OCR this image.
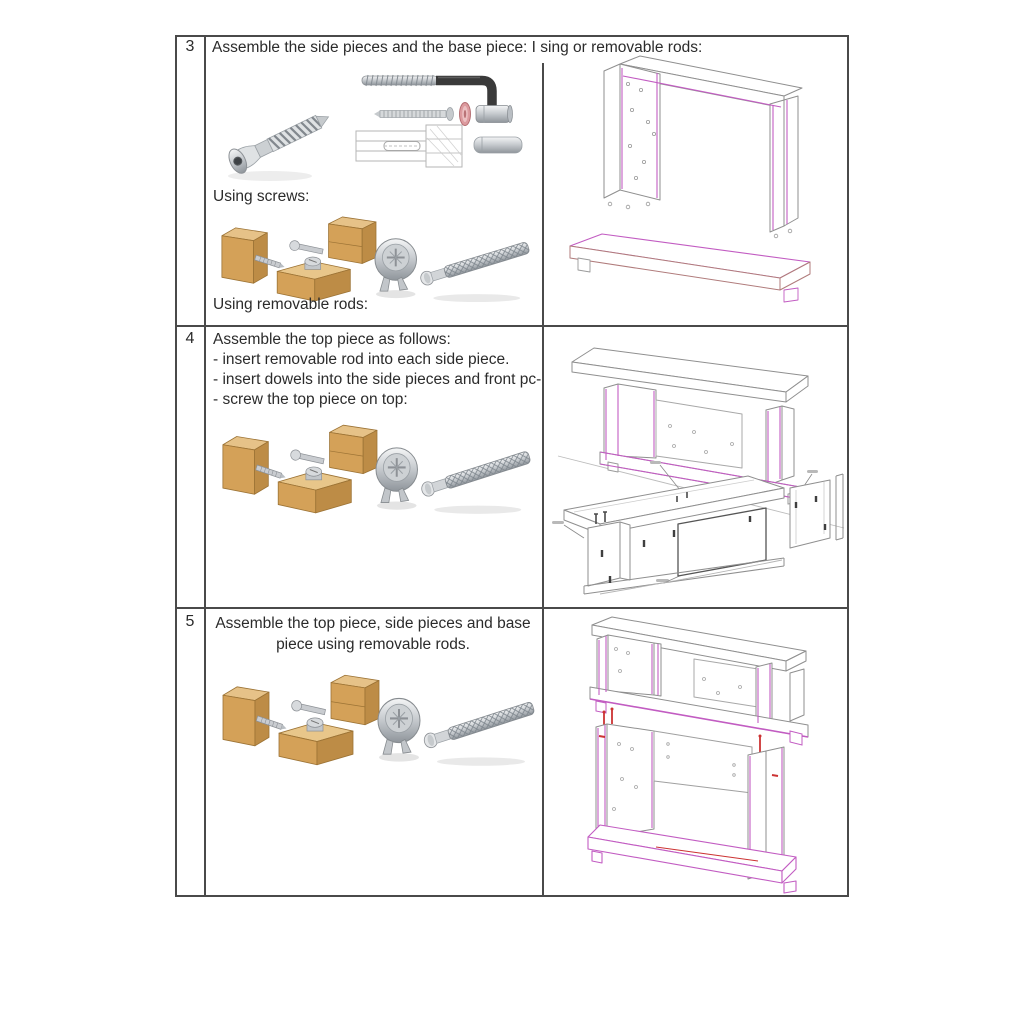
3	Assemble the side pieces and the base piece: I sing or removable rods:
Using screws:
Using removable rods:
4	Assemble the top piece as follows:
- insert removable rod into each side piece.
- insert dowels into the side pieces and front pc-
- screw the top piece on top:
5	Assemble the top piece, side pieces and base
piece using removable rods.
